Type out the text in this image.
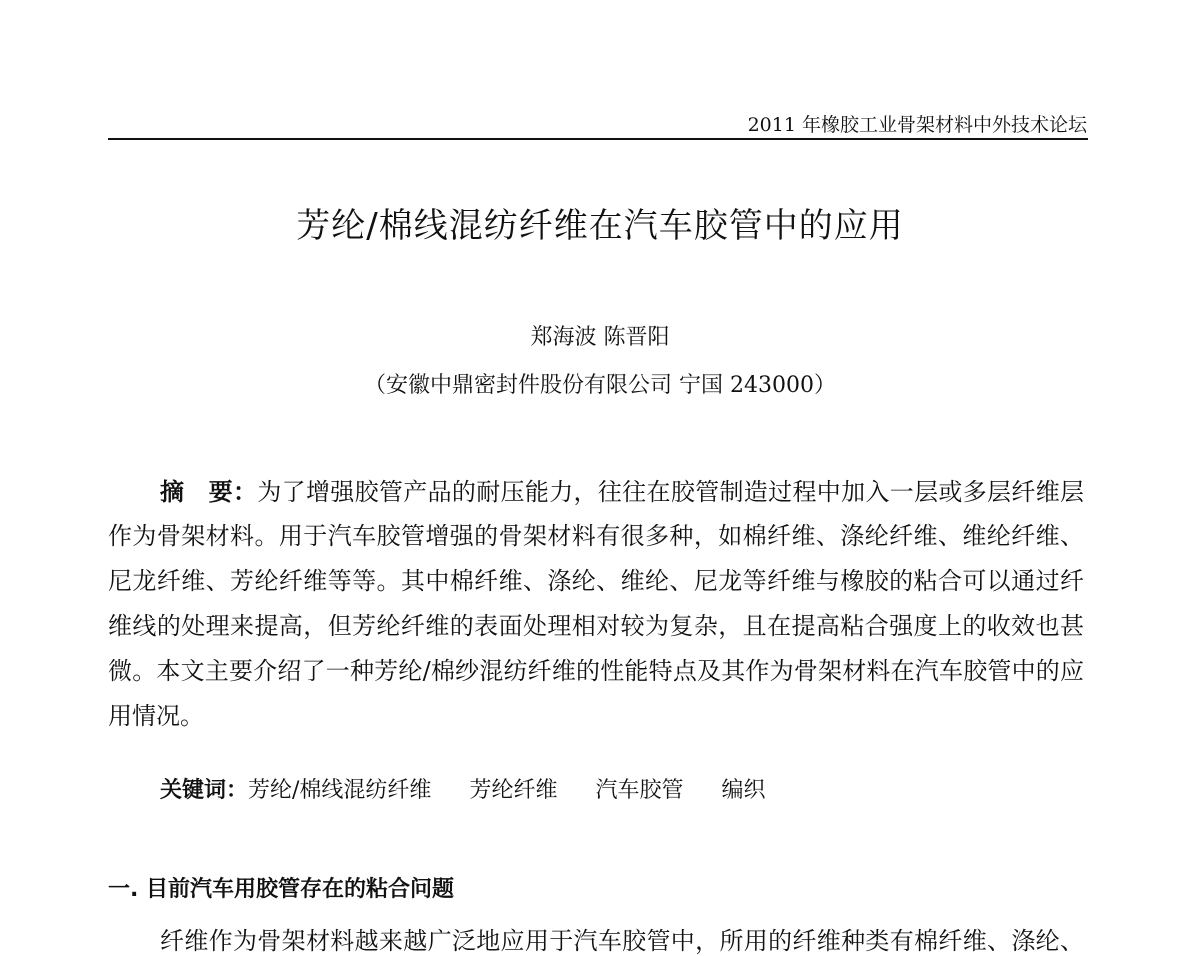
2011 年橡胶工业骨架材料中外技术论坛
芳纶/棉线混纺纤维在汽车胶管中的应用
郑海波 陈晋阳
（安徽中鼎密封件股份有限公司 宁国 243000）
摘　要：为了增强胶管产品的耐压能力，往往在胶管制造过程中加入一层或多层纤维层
作为骨架材料。用于汽车胶管增强的骨架材料有很多种，如棉纤维、涤纶纤维、维纶纤维、
尼龙纤维、芳纶纤维等等。其中棉纤维、涤纶、维纶、尼龙等纤维与橡胶的粘合可以通过纤
维线的处理来提高，但芳纶纤维的表面处理相对较为复杂，且在提高粘合强度上的收效也甚
微。本文主要介绍了一种芳纶/棉纱混纺纤维的性能特点及其作为骨架材料在汽车胶管中的应
用情况。
关键词：芳纶/棉线混纺纤维 芳纶纤维 汽车胶管 编织
一. 目前汽车用胶管存在的粘合问题
纤维作为骨架材料越来越广泛地应用于汽车胶管中，所用的纤维种类有棉纤维、涤纶、
